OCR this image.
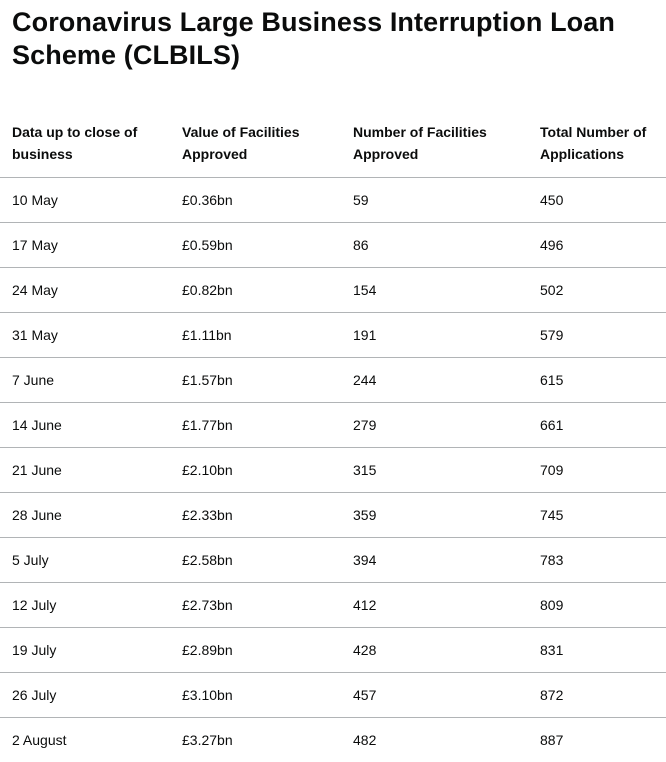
Coronavirus Large Business Interruption Loan Scheme (CLBILS)
Data up to close of business	Value of Facilities Approved	Number of Facilities Approved	Total Number of Applications
10 May	£0.36bn	59	450
17 May	£0.59bn	86	496
24 May	£0.82bn	154	502
31 May	£1.11bn	191	579
7 June	£1.57bn	244	615
14 June	£1.77bn	279	661
21 June	£2.10bn	315	709
28 June	£2.33bn	359	745
5 July	£2.58bn	394	783
12 July	£2.73bn	412	809
19 July	£2.89bn	428	831
26 July	£3.10bn	457	872
2 August	£3.27bn	482	887
